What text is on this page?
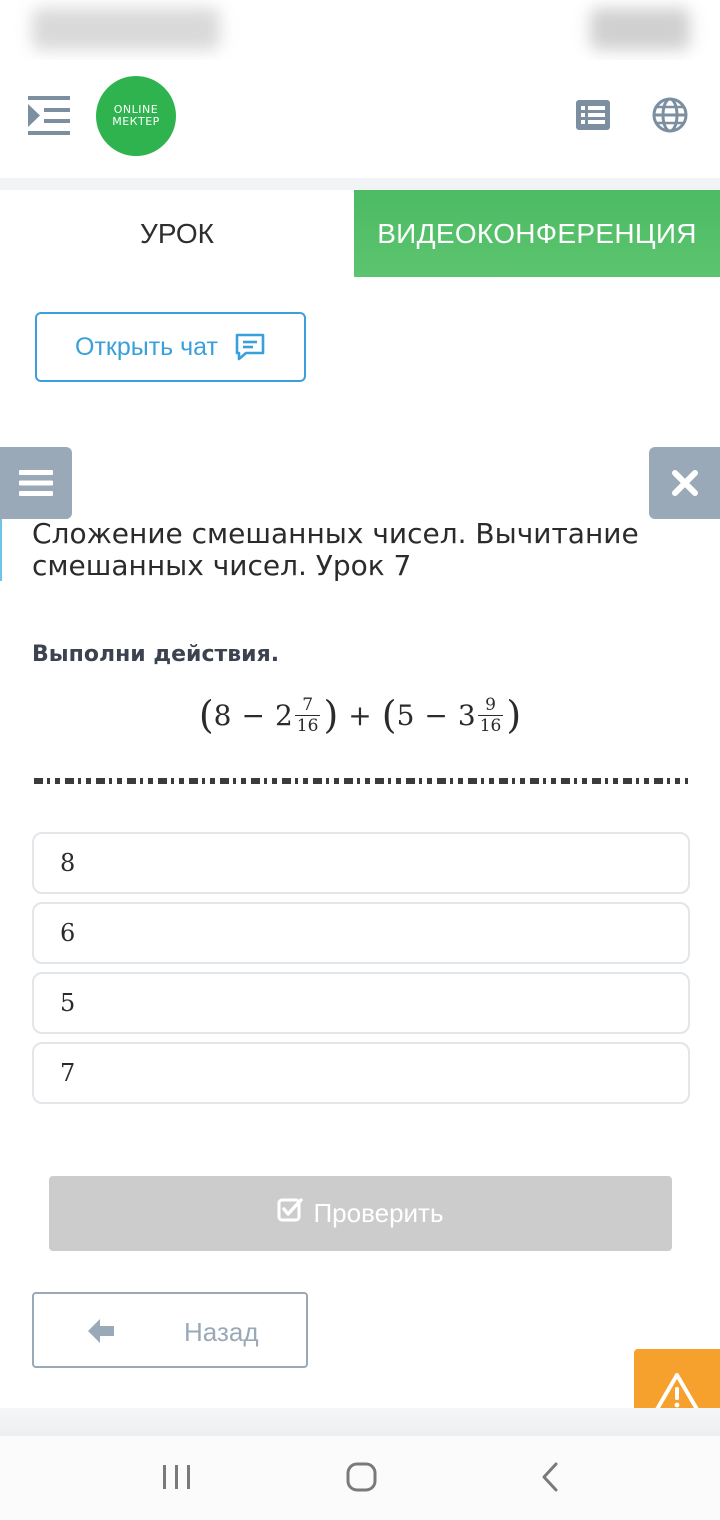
ONLINE
МЕКТЕР
УРОК	ВИДЕОКОНФЕРЕНЦИЯ
Открыть чат
Сложение смешанных чисел. Вычитание смешанных чисел. Урок 7
Выполни действия.
( $8 - 2 \frac{7}{16}$ ) + ( $5 - 3 \frac{9}{16}$ )
8
6
5
7
Проверить
Назад
